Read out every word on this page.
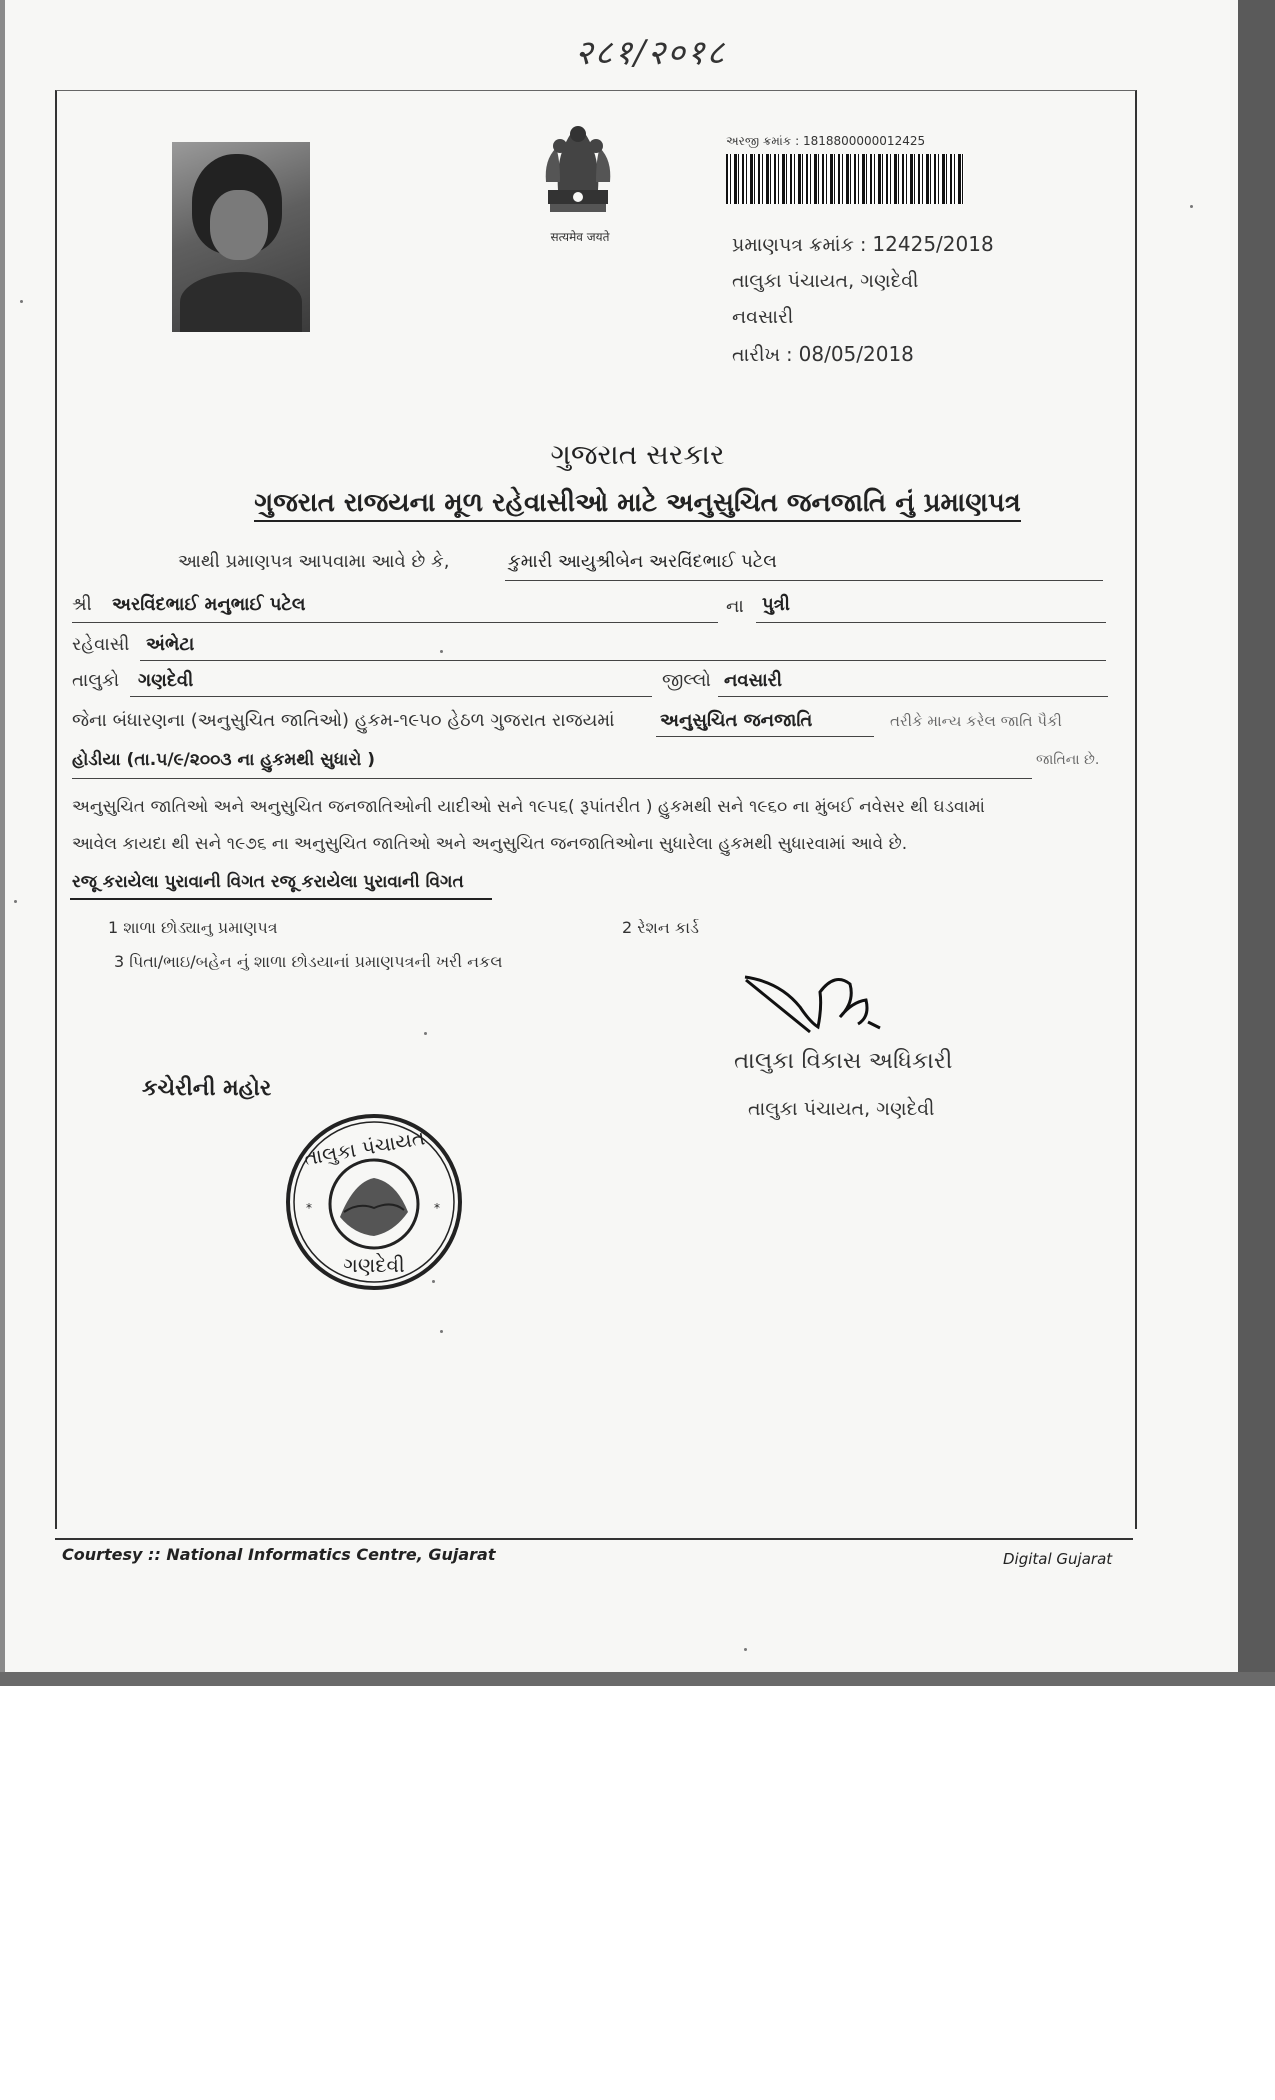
२८१/२०१८
सत्यमेव जयते
અરજી ક્રમાંક : 1818800000012425
પ્રમાણપત્ર ક્રમાંક : 12425/2018
તાલુકા પંચાયત, ગણદેવી
નવસારી
તારીખ : 08/05/2018
ગુજરાત સરકાર
ગુજરાત રાજયના મૂળ રહેવાસીઓ માટે અનુસુચિત જનજાતિ નું પ્રમાણપત્ર
આથી પ્રમાણપત્ર આપવામા આવે છે કે,	કુમારી આયુશ્રીબેન અરવિંદભાઈ પટેલ
શ્રી અરવિંદભાઈ મનુભાઈ પટેલ	ના પુત્રી
રહેવાસી અંભેટા
તાલુકો ગણદેવી	જીલ્લો નવસારી
જેના બંધારણના (અનુસુચિત જાતિઓ) હુકમ-૧૯૫૦ હેઠળ ગુજરાત રાજયમાં	અનુસુચિત જનજાતિ	તરીકે માન્ય કરેલ જાતિ પૈકી
હોડીયા (તા.૫/૯/૨૦૦૩ ના હુકમથી સુધારો )	જાતિના છે.
અનુસુચિત જાતિઓ અને અનુસુચિત જનજાતિઓની યાદીઓ સને ૧૯૫૬( રૂપાંતરીત ) હુકમથી સને ૧૯૬૦ ના મુંબઈ નવેસર થી ઘડવામાં
આવેલ કાયદા થી સને ૧૯૭૬ ના અનુસુચિત જાતિઓ અને અનુસુચિત જનજાતિઓના સુધારેલા હુકમથી સુધારવામાં આવે છે.
રજૂ કરાયેલા પુરાવાની વિગત રજૂ કરાયેલા પુરાવાની વિગત
1 શાળા છોડ્યાનુ પ્રમાણપત્ર	2 રેશન કાર્ડ
3 પિતા/ભાઇ/બહેન નું શાળા છોડયાનાં પ્રમાણપત્રની ખરી નકલ
તાલુકા વિકાસ અધિકારી
તાલુકા પંચાયત, ગણદેવી
કચેરીની મહોર
તાલુકા પંચાયત
ગણદેવી
*	*
Courtesy :: National Informatics Centre, Gujarat	Digital Gujarat
